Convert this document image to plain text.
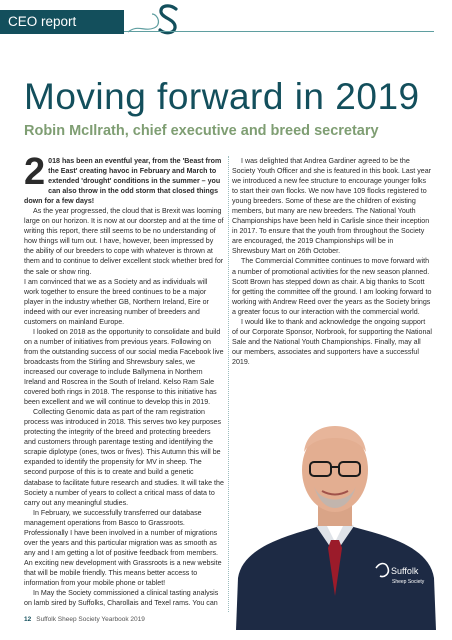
CEO report
Moving forward in 2019

Robin McIlrath, chief executive and breed secretary

2 018 has been an eventful year, from the 'Beast from the East' creating havoc in February and March to extended 'drought' conditions in the summer – you can also throw in the odd storm that closed things down for a few days!

As the year progressed, the cloud that is Brexit was looming large on our horizon. It is now at our doorstep and at the time of writing this report, there still seems to be no understanding of how things will turn out. I have, however, been impressed by the ability of our breeders to cope with whatever is thrown at them and to continue to deliver excellent stock whether bred for the sale or show ring.

I am convinced that we as a Society and as individuals will work together to ensure the breed continues to be a major player in the industry whether GB, Northern Ireland, Eire or indeed with our ever increasing number of breeders and customers on mainland Europe.

I looked on 2018 as the opportunity to consolidate and build on a number of initiatives from previous years. Following on from the outstanding success of our social media Facebook live broadcasts from the Stirling and Shrewsbury sales, we increased our coverage to include Ballymena in Northern Ireland and Roscrea in the South of Ireland. Kelso Ram Sale covered both rings in 2018. The response to this initiative has been excellent and we will continue to develop this in 2019.

Collecting Genomic data as part of the ram registration process was introduced in 2018. This serves two key purposes protecting the integrity of the breed and protecting breeders and customers through parentage testing and identifying the scrapie diplotype (ones, twos or fives). This Autumn this will be expanded to identify the propensity for MV in sheep. The second purpose of this is to create and build a genetic database to facilitate future research and studies. It will take the Society a number of years to collect a critical mass of data to carry out any meaningful studies.

In February, we successfully transferred our database management operations from Basco to Grassroots. Professionally I have been involved in a number of migrations over the years and this particular migration was as smooth as any and I am getting a lot of positive feedback from members. An exciting new development with Grassroots is a new website that will be mobile friendly. This means better access to information from your mobile phone or tablet!

In May the Society commissioned a clinical tasting analysis on lamb sired by Suffolks, Charollais and Texel rams. You can

I was delighted that Andrea Gardiner agreed to be the Society Youth Officer and she is featured in this book. Last year we introduced a new fee structure to encourage younger folks to start their own flocks. We now have 109 flocks registered to young breeders. Some of these are the children of existing members, but many are new breeders. The National Youth Championships have been held in Carlisle since their inception in 2017. To ensure that the youth from throughout the Society are encouraged, the 2019 Championships will be in Shrewsbury Mart on 26th October.

The Commercial Committee continues to move forward with a number of promotional activities for the new season planned. Scott Brown has stepped down as chair. A big thanks to Scott for getting the committee off the ground. I am looking forward to working with Andrew Reed over the years as the Society brings a greater focus to our interaction with the commercial world.

I would like to thank and acknowledge the ongoing support of our Corporate Sponsor, Norbrook, for supporting the National Sale and the National Youth Championships. Finally, may all our members, associates and supporters have a successful 2019.

Suffolk
Sheep Society
12 Suffolk Sheep Society Yearbook 2019
